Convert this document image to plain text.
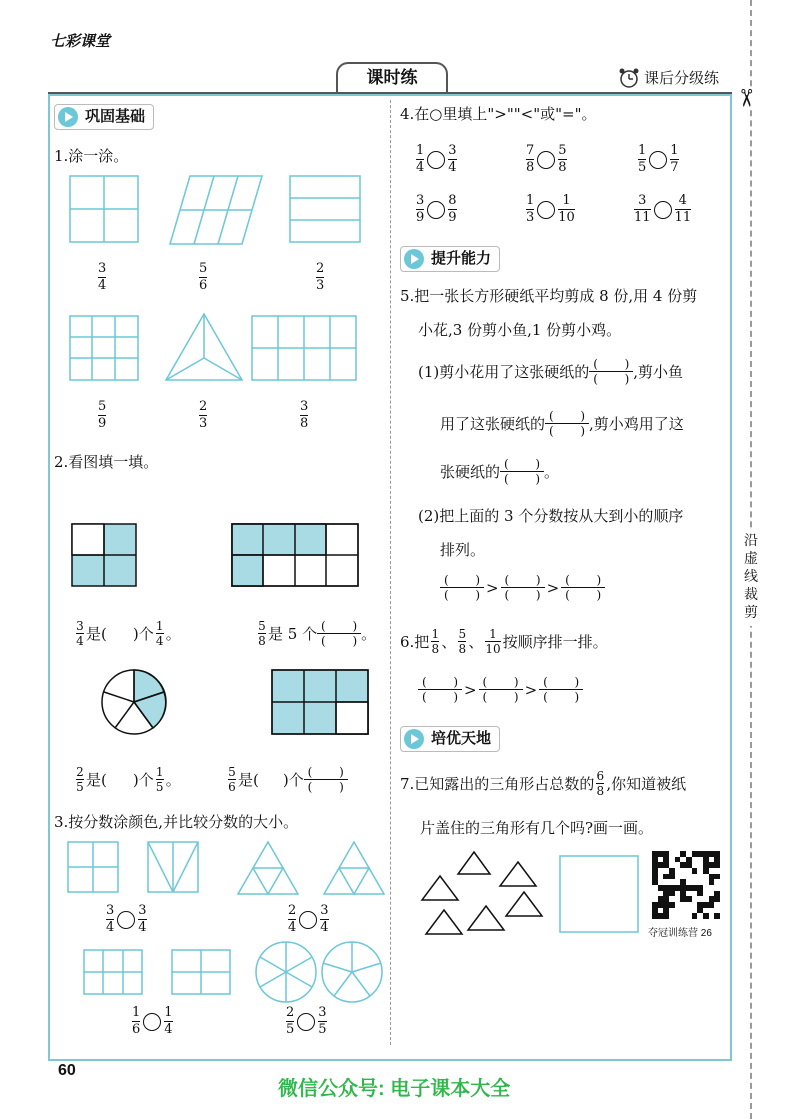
七彩课堂
课时练	课后分级练
✂
沿虚线裁剪
巩固基础
1.涂一涂。
3
4
5
6
2
3
5
9
2
3
3
8
2.看图填一填。
3
4 是( )个 1
4 。	5
8 是 5 个 ( )
( ) 。
2
5 是( )个 1
5 。	5
6 是( )个 ( )
( )
3.按分数涂颜色,并比较分数的大小。
$\frac{3}{4} \frac{3}{4}$	$\frac{2}{4} \frac{3}{4}$
$\frac{1}{6} \frac{1}{4}$	$\frac{2}{5} \frac{3}{5}$
4.在○里填上">""<"或"="。
$\frac{1}{4} \frac{3}{4}$	$\frac{7}{8} \frac{5}{8}$	$\frac{1}{5} \frac{1}{7}$
$\frac{3}{9} \frac{8}{9}$	$\frac{1}{3} \frac{1}{10}$	$\frac{3}{11} \frac{4}{11}$
提升能力
5.把一张长方形硬纸平均剪成 8 份,用 4 份剪
小花,3 份剪小鱼,1 份剪小鸡。
(1)剪小花用了这张硬纸的 ( )
( ) ,剪小鱼
用了这张硬纸的 ( )
( ) ,剪小鸡用了这
张硬纸的 ( )
( ) 。
(2)把上面的 3 个分数按从大到小的顺序
排列。
( )
( ) > ( )
( ) > ( )
( )
6.把 1
8 、 5
8 、 1
10 按顺序排一排。
( )
( ) > ( )
( ) > ( )
( )
培优天地
7.已知露出的三角形占总数的 6
8 ,你知道被纸
片盖住的三角形有几个吗?画一画。
夺冠训练营 26
60
微信公众号: 电子课本大全
